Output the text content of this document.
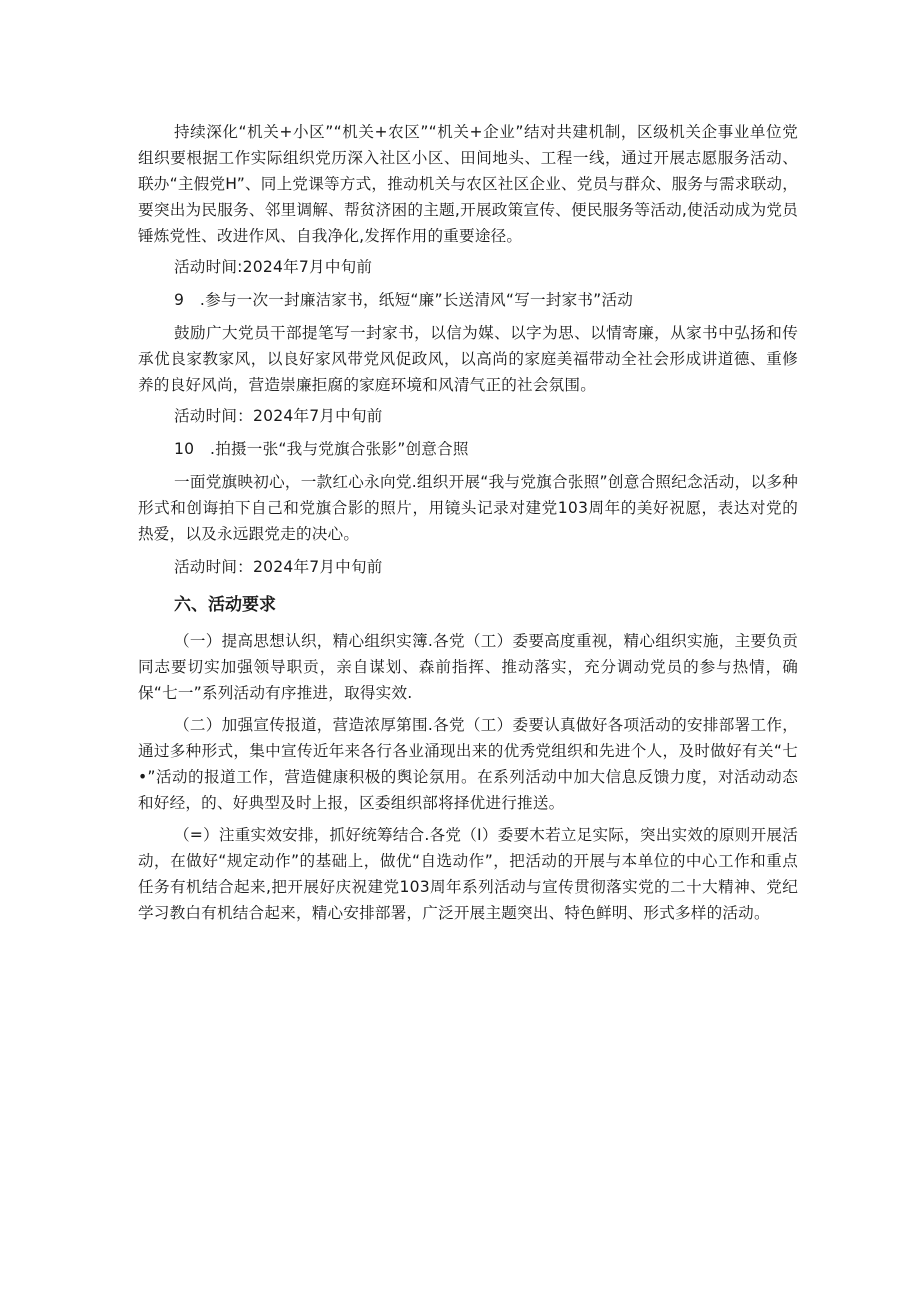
持续深化“机关+小区”“机关+农区”“机关+企业”结对共建机制，区级机关企事业单位党组织要根据工作实际组织党历深入社区小区、田间地头、工程一线，通过开展志愿服务活动、联办“主假党H”、同上党课等方式，推动机关与农区社区企业、党员与群众、服务与需求联动，要突出为民服务、邻里调解、帮贫济困的主题,开展政策宣传、便民服务等活动,使活动成为党员锤炼党性、改进作风、自我净化,发挥作用的重要途径。

活动时间:2024年7月中旬前

9　.参与一次一封廉洁家书，纸短“廉”长送清风“写一封家书”活动

鼓励广大党员干部提笔写一封家书，以信为媒、以字为思、以情寄廉，从家书中弘扬和传承优良家教家风，以良好家风带党风促政风，以高尚的家庭美福带动全社会形成讲道德、重修养的良好风尚，营造崇廉拒腐的家庭环境和风清气正的社会氛围。

活动时间：2024年7月中旬前

10　.拍摄一张“我与党旗合张影”创意合照

一面党旗映初心，一款红心永向党.组织开展“我与党旗合张照”创意合照纪念活动，以多种形式和创诲拍下自己和党旗合影的照片，用镜头记录对建党103周年的美好祝愿，表达对党的热爱，以及永远跟党走的决心。

活动时间：2024年7月中旬前

六、活动要求

（一）提高思想认织，精心组织实簿.各党（工）委要高度重视，精心组织实施，主要负贡同志要切实加强领导职贡，亲自谋划、森前指挥、推动落实，充分调动党员的参与热情，确保“七一”系列活动有序推进，取得实效.

（二）加强宣传报道，营造浓厚第围.各党（工）委要认真做好各项活动的安排部署工作，通过多种形式，集中宣传近年来各行各业涌现出来的优秀党组织和先进个人，及时做好有关“七•”活动的报道工作，营造健康积极的舆论氛用。在系列活动中加大信息反馈力度，对活动动态和好经，的、好典型及时上报，区委组织部将择优进行推送。

（=）注重实效安排，抓好统筹结合.各党（I）委要木若立足实际，突出实效的原则开展活动，在做好“规定动作”的基础上，做优“自选动作”，把活动的开展与本单位的中心工作和重点任务有机结合起来,把开展好庆祝建党103周年系列活动与宣传贯彻落实党的二十大精神、党纪学习教白有机结合起来，精心安排部署，广泛开展主题突出、特色鲜明、形式多样的活动。
